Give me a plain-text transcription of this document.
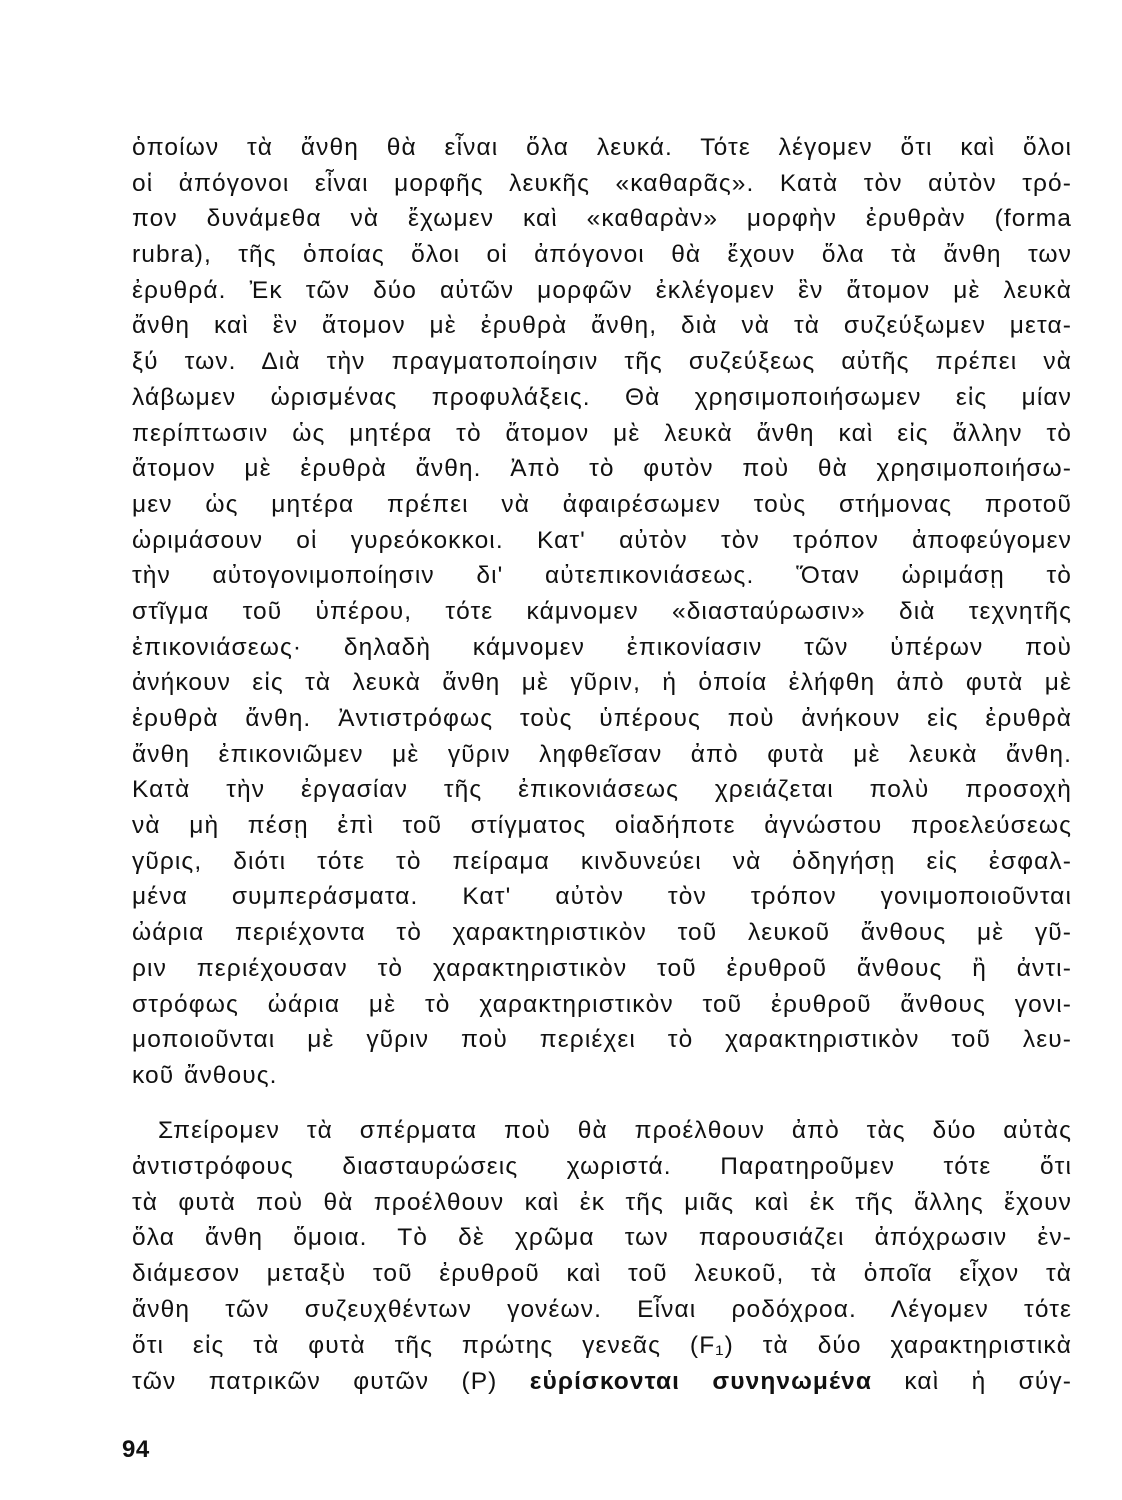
ὁποίων τὰ ἄνθη θὰ εἶναι ὅλα λευκά. Τότε λέγομεν ὅτι καὶ ὅλοι
οἱ ἀπόγονοι εἶναι μορφῆς λευκῆς «καθαρᾶς». Κατὰ τὸν αὐτὸν τρό-
πον δυνάμεθα νὰ ἔχωμεν καὶ «καθαρὰν» μορφὴν ἐρυθρὰν (forma
rubra), τῆς ὁποίας ὅλοι οἱ ἀπόγονοι θὰ ἔχουν ὅλα τὰ ἄνθη των
ἐρυθρά. Ἐκ τῶν δύο αὐτῶν μορφῶν ἐκλέγομεν ἓν ἄτομον μὲ λευκὰ
ἄνθη καὶ ἓν ἄτομον μὲ ἐρυθρὰ ἄνθη, διὰ νὰ τὰ συζεύξωμεν μετα-
ξύ των. Διὰ τὴν πραγματοποίησιν τῆς συζεύξεως αὐτῆς πρέπει νὰ
λάβωμεν ὡρισμένας προφυλάξεις. Θὰ χρησιμοποιήσωμεν εἰς μίαν
περίπτωσιν ὡς μητέρα τὸ ἄτομον μὲ λευκὰ ἄνθη καὶ εἰς ἄλλην τὸ
ἄτομον μὲ ἐρυθρὰ ἄνθη. Ἀπὸ τὸ φυτὸν ποὺ θὰ χρησιμοποιήσω-
μεν ὡς μητέρα πρέπει νὰ ἀφαιρέσωμεν τοὺς στήμονας προτοῦ
ὡριμάσουν οἱ γυρεόκοκκοι. Κατ' αὐτὸν τὸν τρόπον ἀποφεύγομεν
τὴν αὐτογονιμοποίησιν δι' αὐτεπικονιάσεως. Ὅταν ὡριμάσῃ τὸ
στῖγμα τοῦ ὑπέρου, τότε κάμνομεν «διασταύρωσιν» διὰ τεχνητῆς
ἐπικονιάσεως· δηλαδὴ κάμνομεν ἐπικονίασιν τῶν ὑπέρων ποὺ
ἀνήκουν εἰς τὰ λευκὰ ἄνθη μὲ γῦριν, ἡ ὁποία ἐλήφθη ἀπὸ φυτὰ μὲ
ἐρυθρὰ ἄνθη. Ἀντιστρόφως τοὺς ὑπέρους ποὺ ἀνήκουν εἰς ἐρυθρὰ
ἄνθη ἐπικονιῶμεν μὲ γῦριν ληφθεῖσαν ἀπὸ φυτὰ μὲ λευκὰ ἄνθη.
Κατὰ τὴν ἐργασίαν τῆς ἐπικονιάσεως χρειάζεται πολὺ προσοχὴ
νὰ μὴ πέσῃ ἐπὶ τοῦ στίγματος οἱαδήποτε ἀγνώστου προελεύσεως
γῦρις, διότι τότε τὸ πείραμα κινδυνεύει νὰ ὁδηγήσῃ εἰς ἐσφαλ-
μένα συμπεράσματα. Κατ' αὐτὸν τὸν τρόπον γονιμοποιοῦνται
ὠάρια περιέχοντα τὸ χαρακτηριστικὸν τοῦ λευκοῦ ἄνθους μὲ γῦ-
ριν περιέχουσαν τὸ χαρακτηριστικὸν τοῦ ἐρυθροῦ ἄνθους ἢ ἀντι-
στρόφως ὠάρια μὲ τὸ χαρακτηριστικὸν τοῦ ἐρυθροῦ ἄνθους γονι-
μοποιοῦνται μὲ γῦριν ποὺ περιέχει τὸ χαρακτηριστικὸν τοῦ λευ-
κοῦ ἄνθους.
Σπείρομεν τὰ σπέρματα ποὺ θὰ προέλθουν ἀπὸ τὰς δύο αὐτὰς
ἀντιστρόφους διασταυρώσεις χωριστά. Παρατηροῦμεν τότε ὅτι
τὰ φυτὰ ποὺ θὰ προέλθουν καὶ ἐκ τῆς μιᾶς καὶ ἐκ τῆς ἄλλης ἔχουν
ὅλα ἄνθη ὅμοια. Τὸ δὲ χρῶμα των παρουσιάζει ἀπόχρωσιν ἐν-
διάμεσον μεταξὺ τοῦ ἐρυθροῦ καὶ τοῦ λευκοῦ, τὰ ὁποῖα εἶχον τὰ
ἄνθη τῶν συζευχθέντων γονέων. Εἶναι ροδόχροα. Λέγομεν τότε
ὅτι εἰς τὰ φυτὰ τῆς πρώτης γενεᾶς (F₁) τὰ δύο χαρακτηριστικὰ
τῶν πατρικῶν φυτῶν (P) εὑρίσκονται συνηνωμένα καὶ ἡ σύγ-
94
